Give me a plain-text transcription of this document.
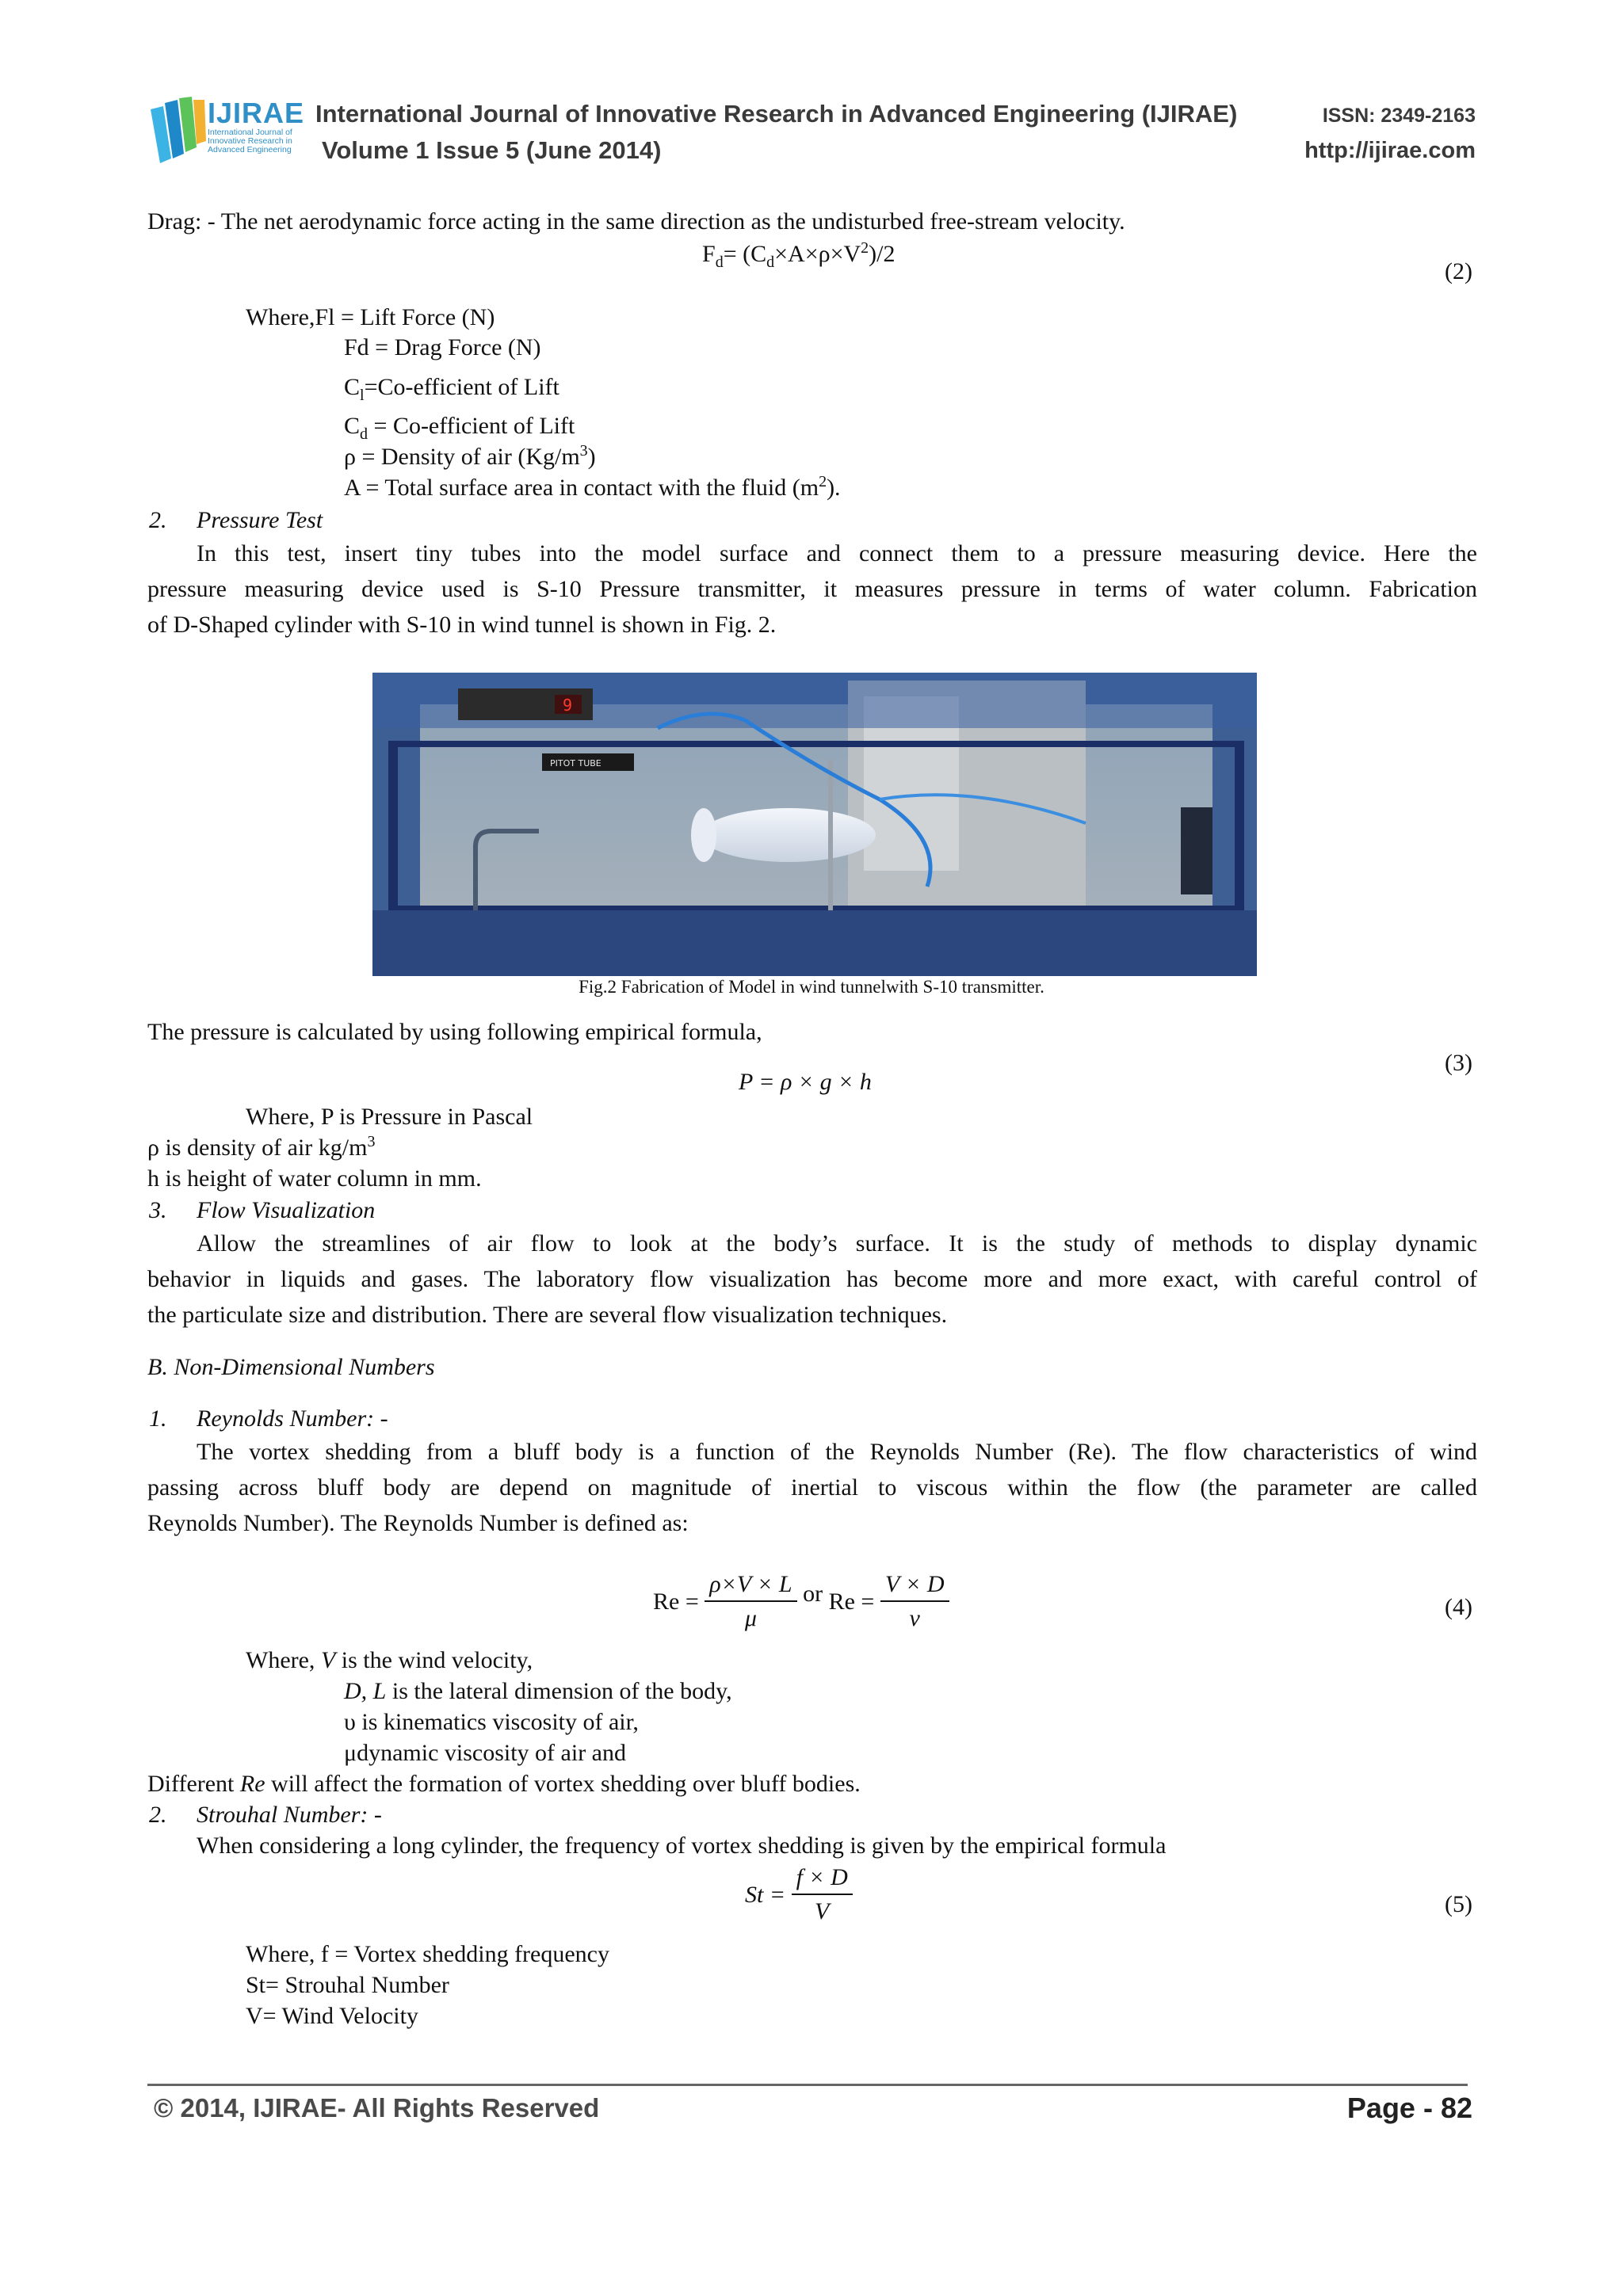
IJIRAE
International Journal of Innovative Research in Advanced Engineering
International Journal of Innovative Research in Advanced Engineering (IJIRAE)	ISSN: 2349-2163
Volume 1 Issue 5 (June 2014)	http://ijirae.com
Drag: - The net aerodynamic force acting in the same direction as the undisturbed free-stream velocity.
$F_d= (C_d\times A\times\rho\times V^2)/2$
(2)
Where,Fl = Lift Force (N)
Fd = Drag Force (N)
$C_l=Co$-efficient of Lift
$C_d$ = Co-efficient of Lift
ρ = Density of air $(Kg/m^3)$
A = Total surface area in contact with the fluid $(m^2)$.
2. Pressure Test
In this test, insert tiny tubes into the model surface and connect them to a pressure measuring device. Here the
pressure measuring device used is S-10 Pressure transmitter, it measures pressure in terms of water column. Fabrication
of D-Shaped cylinder with S-10 in wind tunnel is shown in Fig. 2.
9
PITOT TUBE
Fig.2 Fabrication of Model in wind tunnelwith S-10 transmitter.
The pressure is calculated by using following empirical formula,
P = ρ × g × h
(3)
Where, P is Pressure in Pascal
ρ is density of air $kg/m^3$
h is height of water column in mm.
3. Flow Visualization
Allow the streamlines of air flow to look at the body’s surface. It is the study of methods to display dynamic
behavior in liquids and gases. The laboratory flow visualization has become more and more exact, with careful control of
the particulate size and distribution. There are several flow visualization techniques.
B. Non-Dimensional Numbers
1. Reynolds Number: -
The vortex shedding from a bluff body is a function of the Reynolds Number (Re). The flow characteristics of wind
passing across bluff body are depend on magnitude of inertial to viscous within the flow (the parameter are called
Reynolds Number). The Reynolds Number is defined as:
$Re = \frac{\rho\times V \times L}{\mu}$ or $Re = \frac{V \times D}{\nu}$	(4)
Where, V is the wind velocity,
D, L is the lateral dimension of the body,
υ is kinematics viscosity of air,
μdynamic viscosity of air and
Different Re will affect the formation of vortex shedding over bluff bodies.
2. Strouhal Number: -
When considering a long cylinder, the frequency of vortex shedding is given by the empirical formula
$St = \frac{f \times D}{V}$	(5)
Where, f = Vortex shedding frequency
St= Strouhal Number
V= Wind Velocity
© 2014, IJIRAE- All Rights Reserved	Page - 82
